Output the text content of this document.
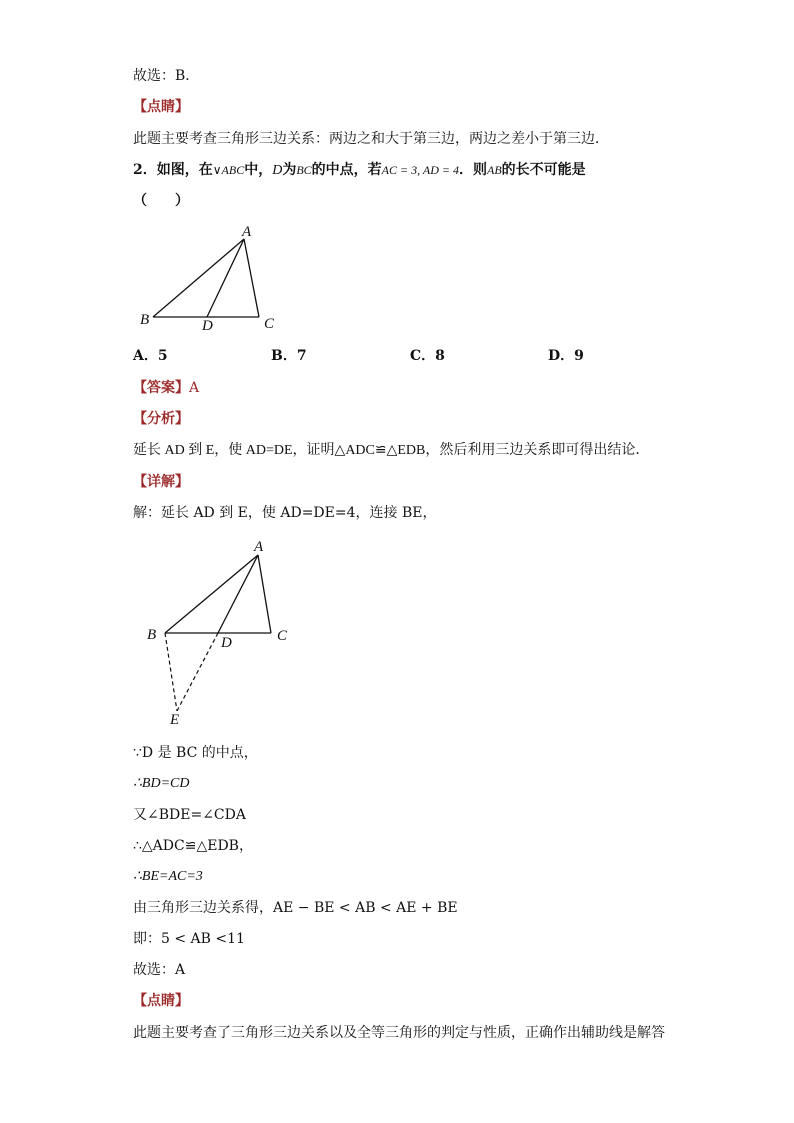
故选：B．
【点睛】
此题主要考查三角形三边关系：两边之和大于第三边，两边之差小于第三边．
2．如图，在∨ABC中，D为BC的中点，若AC = 3, AD = 4．则AB的长不可能是
（　　）
A
B	C
D
A．5	B．7	C．8	D．9
【答案】A
【分析】
延长 AD 到 E，使 AD=DE，证明△ADC≌△EDB，然后利用三边关系即可得出结论．
【详解】
解：延长 AD 到 E，使 AD=DE=4，连接 BE，
A
B	C
D
E
∵D 是 BC 的中点，
∴BD=CD
又∠BDE=∠CDA
∴△ADC≌△EDB，
∴BE=AC=3
由三角形三边关系得，AE − BE < AB < AE + BE
即：5 < AB <11
故选：A
【点睛】
此题主要考查了三角形三边关系以及全等三角形的判定与性质，正确作出辅助线是解答
